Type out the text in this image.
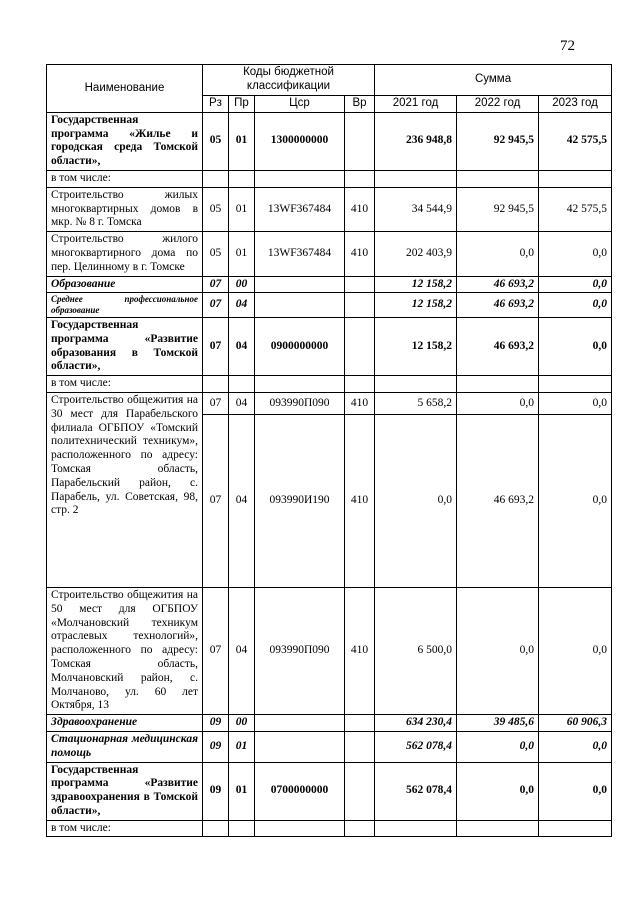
72
Наименование	Коды бюджетной классификации				Сумма		
	Рз	Пр	Цср	Вр	2021 год	2022 год	2023 год
Государственная программа «Жилье и городская среда Томской области»,	05	01	1300000000		236 948,8	92 945,5	42 575,5
в том числе:							
Строительство жилых многоквартирных домов в мкр. № 8 г. Томска	05	01	13WF367484	410	34 544,9	92 945,5	42 575,5
Строительство жилого многоквартирного дома по пер. Целинному в г. Томске	05	01	13WF367484	410	202 403,9	0,0	0,0
Образование	07	00			12 158,2	46 693,2	0,0
Среднее профессиональное образование	07	04			12 158,2	46 693,2	0,0
Государственная программа «Развитие образования в Томской области»,	07	04	0900000000		12 158,2	46 693,2	0,0
в том числе:							
Строительство общежития на 30 мест для Парабельского филиала ОГБПОУ «Томский политехнический техникум», расположенного по адресу: Томская область, Парабельский район, с. Парабель, ул. Советская, 98, стр. 2	07	04	093990П090	410	5 658,2	0,0	0,0
	07	04	093990И190	410	0,0	46 693,2	0,0
Строительство общежития на 50 мест для ОГБПОУ «Молчановский техникум отраслевых технологий», расположенного по адресу: Томская область, Молчановский район, с. Молчаново, ул. 60 лет Октября, 13	07	04	093990П090	410	6 500,0	0,0	0,0
Здравоохранение	09	00			634 230,4	39 485,6	60 906,3
Стационарная медицинская помощь	09	01			562 078,4	0,0	0,0
Государственная программа «Развитие здравоохранения в Томской области»,	09	01	0700000000		562 078,4	0,0	0,0
в том числе:							
